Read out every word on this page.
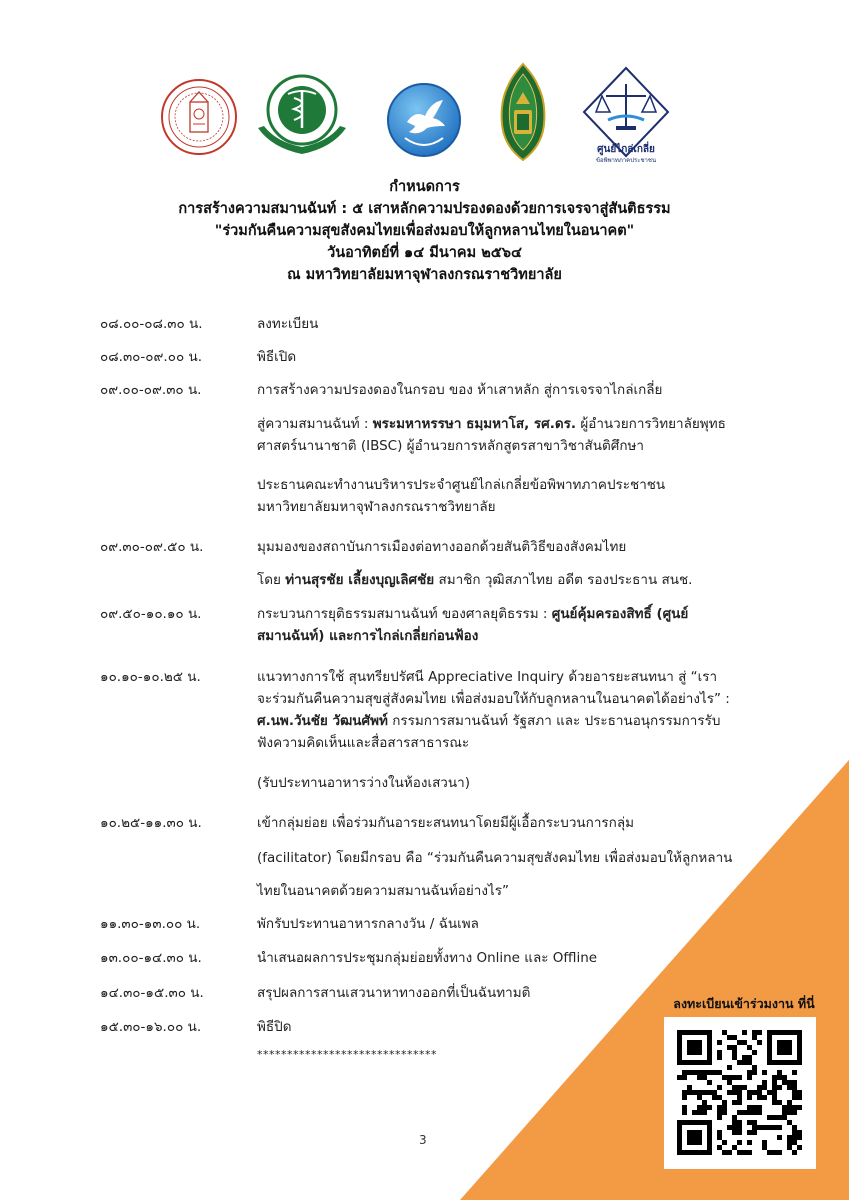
ศูนย์ไกล่เกลี่ย
ข้อพิพาทภาคประชาชน
กำหนดการ
การสร้างความสมานฉันท์ : ๕ เสาหลักความปรองดองด้วยการเจรจาสู่สันติธรรม
"ร่วมกันคืนความสุขสังคมไทยเพื่อส่งมอบให้ลูกหลานไทยในอนาคต"
วันอาทิตย์ที่ ๑๔ มีนาคม ๒๕๖๔
ณ มหาวิทยาลัยมหาจุฬาลงกรณราชวิทยาลัย
๐๘.๐๐-๐๘.๓๐ น.	ลงทะเบียน
๐๘.๓๐-๐๙.๐๐ น.	พิธีเปิด
๐๙.๐๐-๐๙.๓๐ น.	การสร้างความปรองดองในกรอบ ของ ห้าเสาหลัก สู่การเจรจาไกล่เกลี่ย
สู่ความสมานฉันท์ : พระมหาหรรษา ธมฺมหาโส, รศ.ดร. ผู้อำนวยการวิทยาลัยพุทธ
ศาสตร์นานาชาติ (IBSC) ผู้อำนวยการหลักสูตรสาขาวิชาสันติศึกษา
ประธานคณะทำงานบริหารประจำศูนย์ไกล่เกลี่ยข้อพิพาทภาคประชาชน
มหาวิทยาลัยมหาจุฬาลงกรณราชวิทยาลัย
๐๙.๓๐-๐๙.๕๐ น.	มุมมองของสถาบันการเมืองต่อทางออกด้วยสันติวิธีของสังคมไทย
โดย ท่านสุรชัย เลี้ยงบุญเลิศชัย สมาชิก วุฒิสภาไทย อดีต รองประธาน สนช.
๐๙.๕๐-๑๐.๑๐ น.	กระบวนการยุติธรรมสมานฉันท์ ของศาลยุติธรรม : ศูนย์คุ้มครองสิทธิ์ (ศูนย์
สมานฉันท์) และการไกล่เกลี่ยก่อนฟ้อง
๑๐.๑๐-๑๐.๒๕ น.	แนวทางการใช้ สุนทรียปรัศนี Appreciative Inquiry ด้วยอารยะสนทนา สู่ “เรา
จะร่วมกันคืนความสุขสู่สังคมไทย เพื่อส่งมอบให้กับลูกหลานในอนาคตได้อย่างไร” :
ศ.นพ.วันชัย วัฒนศัพท์ กรรมการสมานฉันท์ รัฐสภา และ ประธานอนุกรรมการรับ
ฟังความคิดเห็นและสื่อสารสาธารณะ
(รับประทานอาหารว่างในห้องเสวนา)
๑๐.๒๕-๑๑.๓๐ น.	เข้ากลุ่มย่อย เพื่อร่วมกันอารยะสนทนาโดยมีผู้เอื้อกระบวนการกลุ่ม
(facilitator) โดยมีกรอบ คือ “ร่วมกันคืนความสุขสังคมไทย เพื่อส่งมอบให้ลูกหลาน
ไทยในอนาคตด้วยความสมานฉันท์อย่างไร”
๑๑.๓๐-๑๓.๐๐ น.	พักรับประทานอาหารกลางวัน / ฉันเพล
๑๓.๐๐-๑๔.๓๐ น.	นำเสนอผลการประชุมกลุ่มย่อยทั้งทาง Online และ Offline
๑๔.๓๐-๑๕.๓๐ น.	สรุปผลการสานเสวนาหาทางออกที่เป็นฉันทามติ
๑๕.๓๐-๑๖.๐๐ น.	พิธีปิด
******************************
3
ลงทะเบียนเข้าร่วมงาน ที่นี่
